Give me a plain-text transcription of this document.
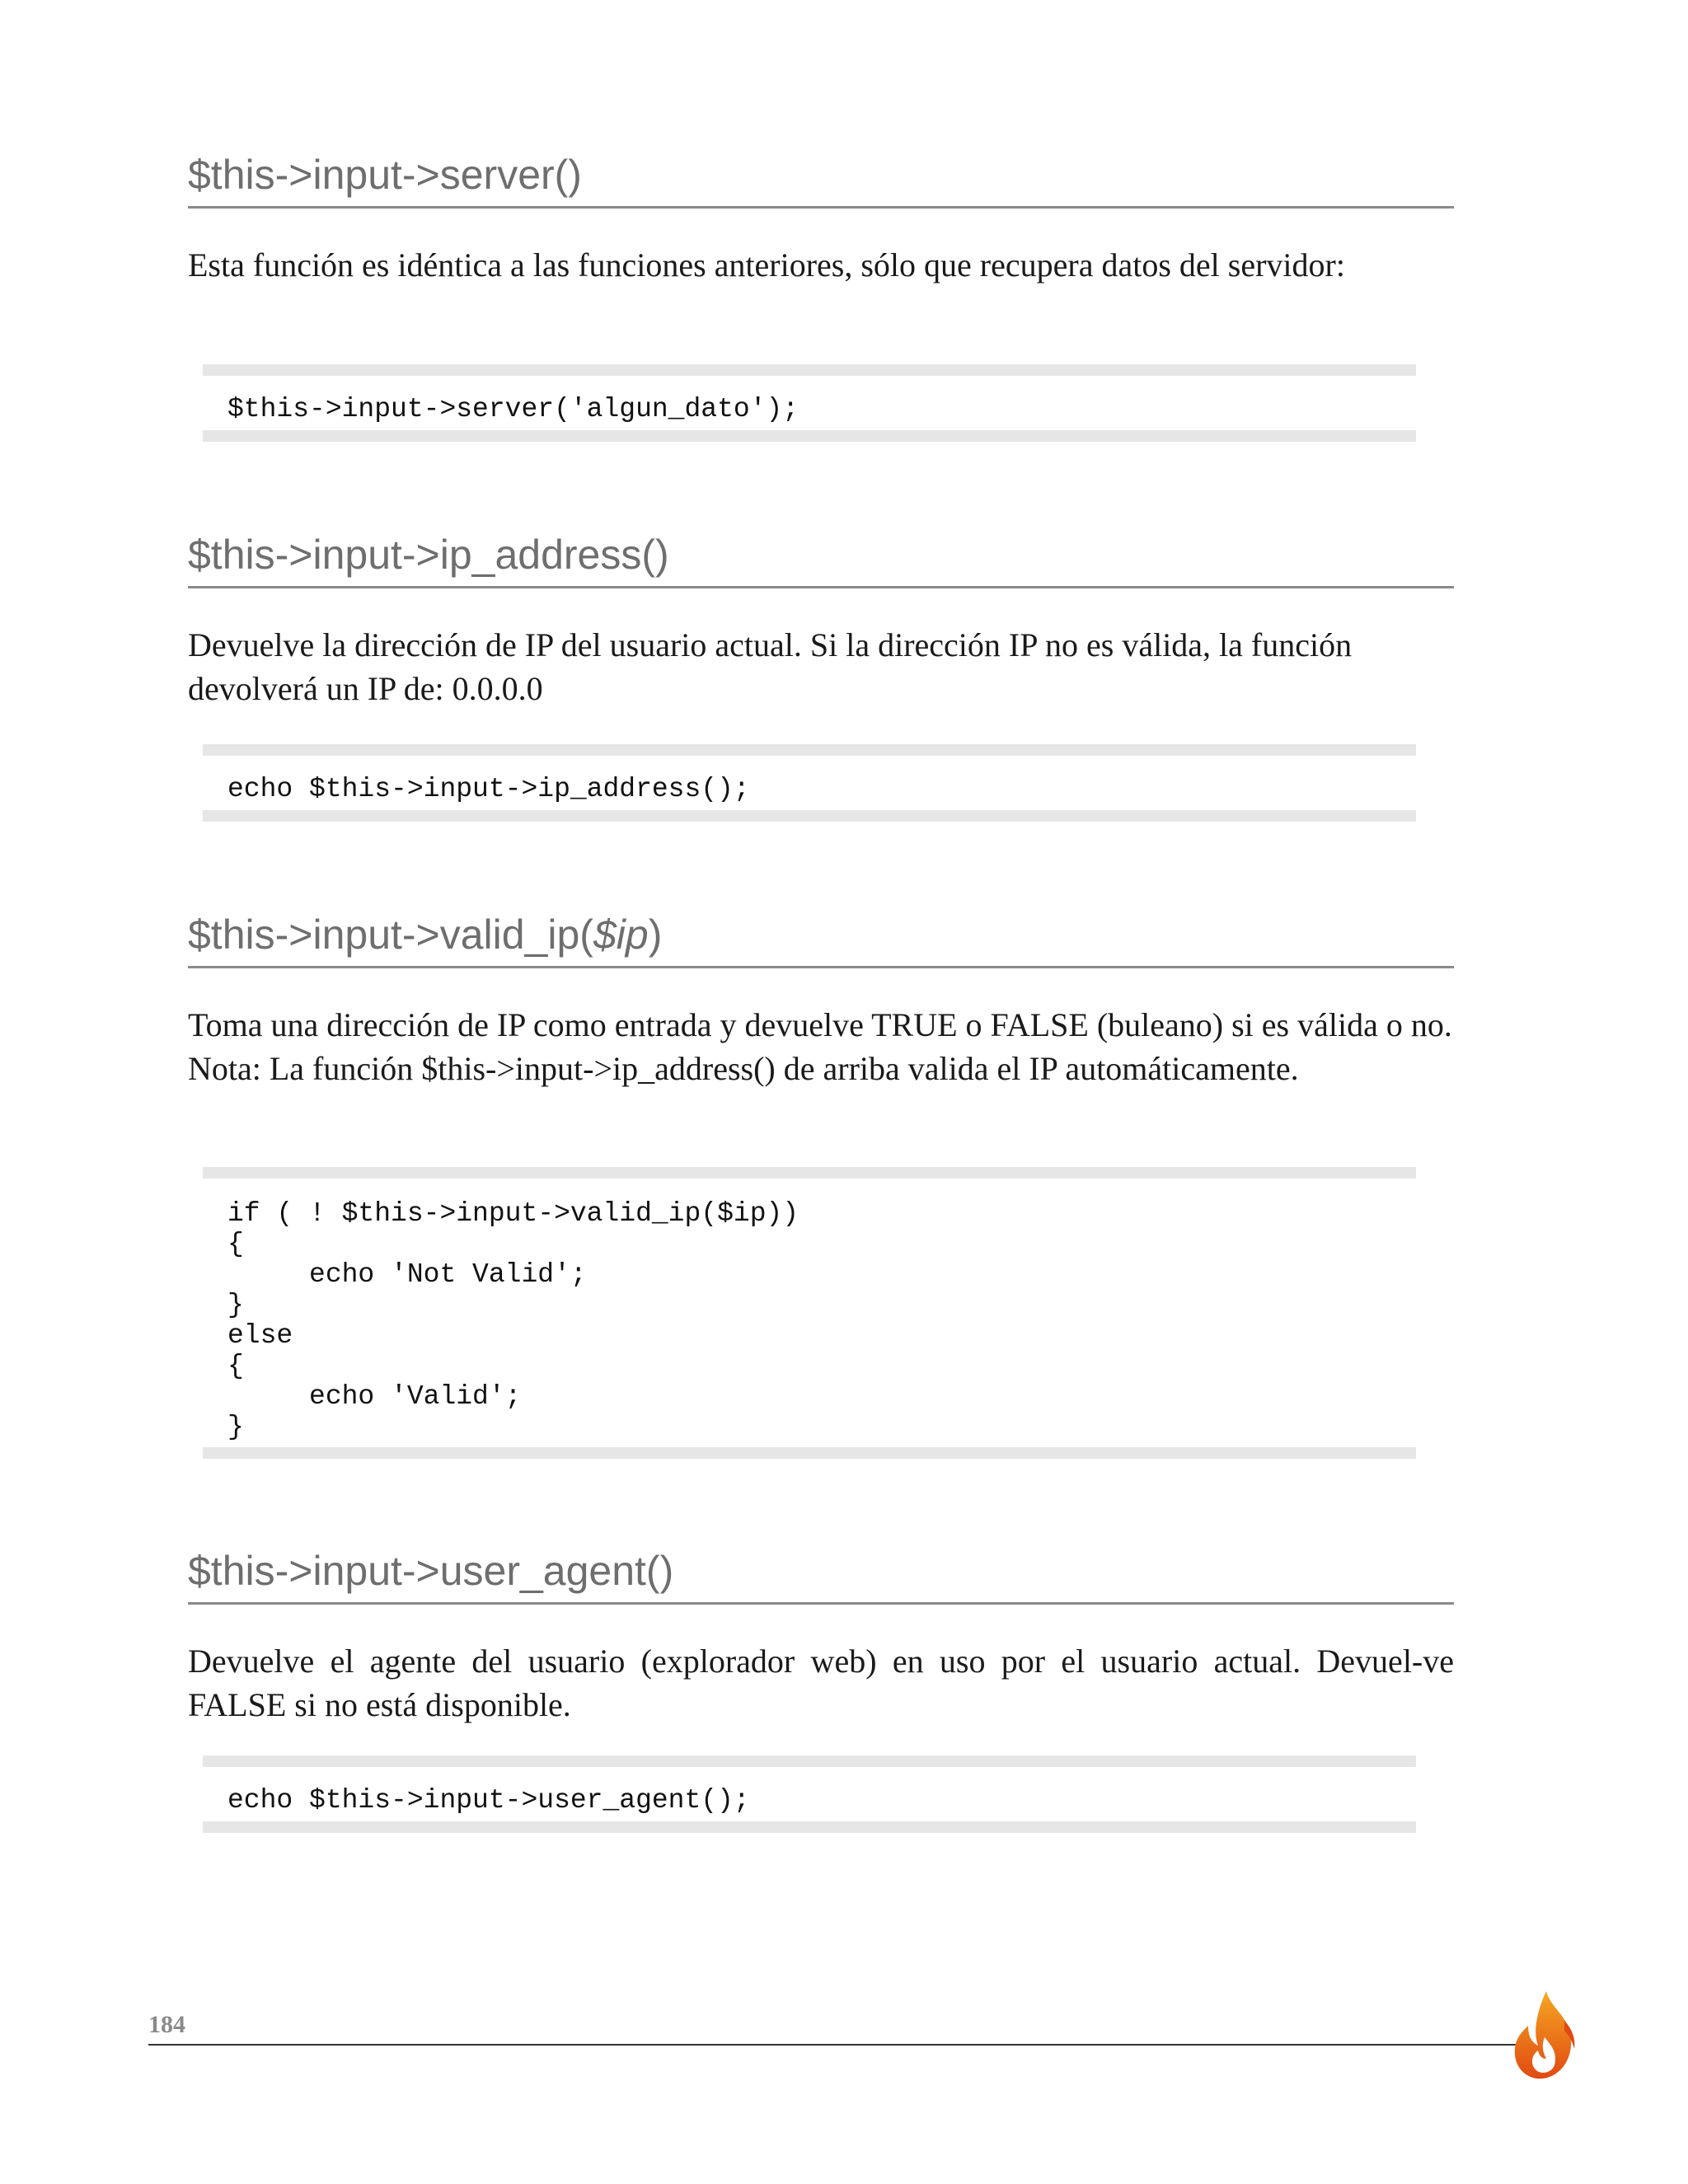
$this->input->server()
Esta función es idéntica a las funciones anteriores, sólo que recupera datos del servidor:
$this->input->server('algun_dato');
$this->input->ip_address()
Devuelve la dirección de IP del usuario actual. Si la dirección IP no es válida, la función devolverá un IP de: 0.0.0.0
echo $this->input->ip_address();
$this->input->valid_ip($ip)
Toma una dirección de IP como entrada y devuelve TRUE o FALSE (buleano) si es válida o no. Nota: La función $this->input->ip_address() de arriba valida el IP automáticamente.
if ( ! $this->input->valid_ip($ip))
{
echo 'Not Valid';
}
else
{
echo 'Valid';
}
$this->input->user_agent()
Devuelve el agente del usuario (explorador web) en uso por el usuario actual. Devuel-ve FALSE si no está disponible.
echo $this->input->user_agent();
184
